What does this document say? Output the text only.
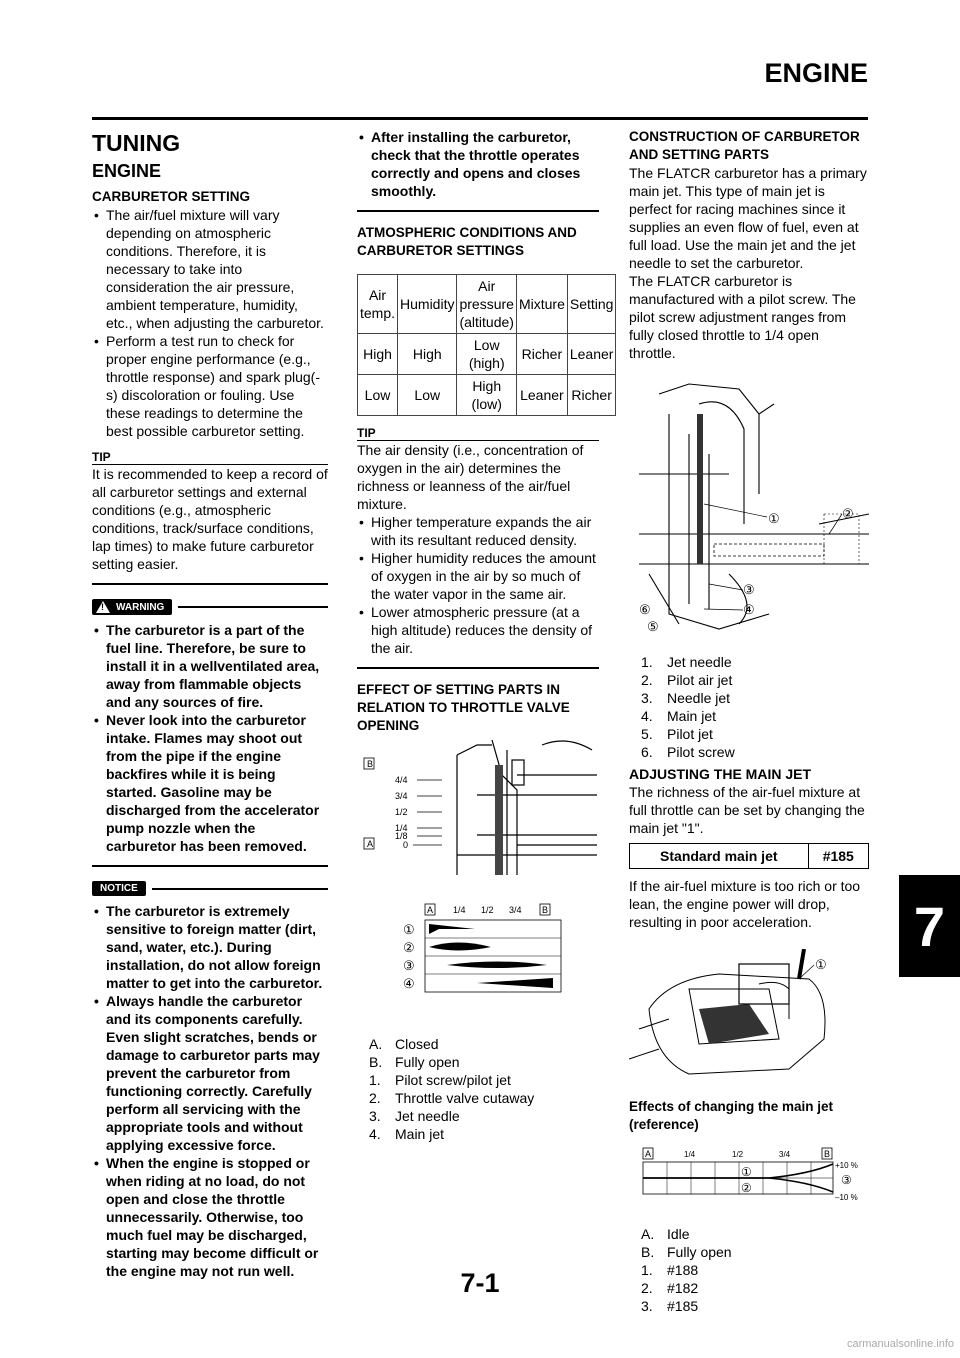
ENGINE
TUNING
ENGINE
CARBURETOR SETTING
• The air/fuel mixture will vary depending on atmospheric conditions. Therefore, it is necessary to take into consideration the air pressure, ambient temperature, humidity, etc., when adjusting the carburetor.
• Perform a test run to check for proper engine performance (e.g., throttle response) and spark plug(-s) discoloration or fouling. Use these readings to determine the best possible carburetor setting.
TIP

It is recommended to keep a record of all carburetor settings and external conditions (e.g., atmospheric conditions, track/surface conditions, lap times) to make future carburetor setting easier.

! WARNING
• The carburetor is a part of the fuel line. Therefore, be sure to install it in a wellventilated area, away from flammable objects and any sources of fire.
• Never look into the carburetor intake. Flames may shoot out from the pipe if the engine backfires while it is being started. Gasoline may be discharged from the accelerator pump nozzle when the carburetor has been removed.
NOTICE
• The carburetor is extremely sensitive to foreign matter (dirt, sand, water, etc.). During installation, do not allow foreign matter to get into the carburetor.
• Always handle the carburetor and its components carefully. Even slight scratches, bends or damage to carburetor parts may prevent the carburetor from functioning correctly. Carefully perform all servicing with the appropriate tools and without applying excessive force.
• When the engine is stopped or when riding at no load, do not open and close the throttle unnecessarily. Otherwise, too much fuel may be discharged, starting may become difficult or the engine may not run well.
• After installing the carburetor, check that the throttle operates correctly and opens and closes smoothly.
ATMOSPHERIC CONDITIONS AND CARBURETOR SETTINGS
Air temp.	Humidity	Air pressure (altitude)	Mixture	Setting
High	High	Low (high)	Richer	Leaner
Low	Low	High (low)	Leaner	Richer
TIP

The air density (i.e., concentration of oxygen in the air) determines the richness or leanness of the air/fuel mixture.

• Higher temperature expands the air with its resultant reduced density.
• Higher humidity reduces the amount of oxygen in the air by so much of the water vapor in the same air.
• Lower atmospheric pressure (at a high altitude) reduces the density of the air.
EFFECT OF SETTING PARTS IN RELATION TO THROTTLE VALVE OPENING
B
A
4/4
3/4
1/2
1/4
1/8
0

A	B
1/4 1/2 3/4
①
②
③
④
A. Closed
B. Fully open
1. Pilot screw/pilot jet
2. Throttle valve cutaway
3. Jet needle
4. Main jet
CONSTRUCTION OF CARBURETOR AND SETTING PARTS

The FLATCR carburetor has a primary main jet. This type of main jet is perfect for racing machines since it supplies an even flow of fuel, even at full load. Use the main jet and the jet needle to set the carburetor.

The FLATCR carburetor is manufactured with a pilot screw. The pilot screw adjustment ranges from fully closed throttle to 1/4 open throttle.

①	②
③
④
⑤
⑥
1. Jet needle
2. Pilot air jet
3. Needle jet
4. Main jet
5. Pilot jet
6. Pilot screw
ADJUSTING THE MAIN JET

The richness of the air-fuel mixture at full throttle can be set by changing the main jet "1".

Standard main jet	#185

If the air-fuel mixture is too rich or too lean, the engine power will drop, resulting in poor acceleration.

①
Effects of changing the main jet (reference)
A	B
1/4	1/2	3/4
①
②
③
+10 %
–10 %
A. Idle
B. Fully open
1. #188
2. #182
3. #185
7
7-1
carmanualsonline.info
